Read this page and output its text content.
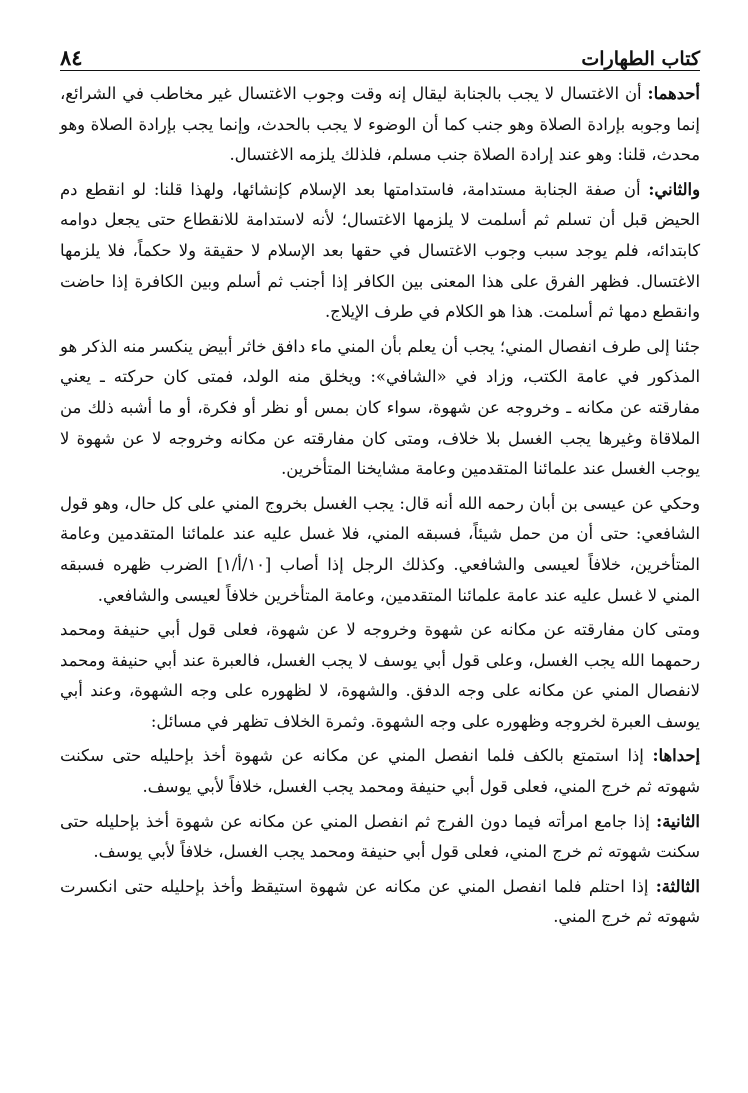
كتاب الطهارات
٨٤

أحدهما: أن الاغتسال لا يجب بالجنابة ليقال إنه وقت وجوب الاغتسال غير مخاطب في الشرائع، إنما وجوبه بإرادة الصلاة وهو جنب كما أن الوضوء لا يجب بالحدث، وإنما يجب بإرادة الصلاة وهو محدث، قلنا: وهو عند إرادة الصلاة جنب مسلم، فلذلك يلزمه الاغتسال.

والثاني: أن صفة الجنابة مستدامة، فاستدامتها بعد الإسلام كإنشائها، ولهذا قلنا: لو انقطع دم الحيض قبل أن تسلم ثم أسلمت لا يلزمها الاغتسال؛ لأنه لاستدامة للانقطاع حتى يجعل دوامه كابتدائه، فلم يوجد سبب وجوب الاغتسال في حقها بعد الإسلام لا حقيقة ولا حكماً، فلا يلزمها الاغتسال. فظهر الفرق على هذا المعنى بين الكافر إذا أجنب ثم أسلم وبين الكافرة إذا حاضت وانقطع دمها ثم أسلمت. هذا هو الكلام في طرف الإيلاج.

جئنا إلى طرف انفصال المني؛ يجب أن يعلم بأن المني ماء دافق خاثر أبيض ينكسر منه الذكر هو المذكور في عامة الكتب، وزاد في «الشافي»: ويخلق منه الولد، فمتى كان حركته ـ يعني مفارقته عن مكانه ـ وخروجه عن شهوة، سواء كان بمس أو نظر أو فكرة، أو ما أشبه ذلك من الملاقاة وغيرها يجب الغسل بلا خلاف، ومتى كان مفارقته عن مكانه وخروجه لا عن شهوة لا يوجب الغسل عند علمائنا المتقدمين وعامة مشايخنا المتأخرين.

وحكي عن عيسى بن أبان رحمه الله أنه قال: يجب الغسل بخروج المني على كل حال، وهو قول الشافعي: حتى أن من حمل شيئاً، فسبقه المني، فلا غسل عليه عند علمائنا المتقدمين وعامة المتأخرين، خلافاً لعيسى والشافعي. وكذلك الرجل إذا أصاب [١٠/أ/١] الضرب ظهره فسبقه المني لا غسل عليه عند عامة علمائنا المتقدمين، وعامة المتأخرين خلافاً لعيسى والشافعي.

ومتى كان مفارقته عن مكانه عن شهوة وخروجه لا عن شهوة، فعلى قول أبي حنيفة ومحمد رحمهما الله يجب الغسل، وعلى قول أبي يوسف لا يجب الغسل، فالعبرة عند أبي حنيفة ومحمد لانفصال المني عن مكانه على وجه الدفق. والشهوة، لا لظهوره على وجه الشهوة، وعند أبي يوسف العبرة لخروجه وظهوره على وجه الشهوة. وثمرة الخلاف تظهر في مسائل:

إحداها: إذا استمتع بالكف فلما انفصل المني عن مكانه عن شهوة أخذ بإحليله حتى سكنت شهوته ثم خرج المني، فعلى قول أبي حنيفة ومحمد يجب الغسل، خلافاً لأبي يوسف.

الثانية: إذا جامع امرأته فيما دون الفرج ثم انفصل المني عن مكانه عن شهوة أخذ بإحليله حتى سكنت شهوته ثم خرج المني، فعلى قول أبي حنيفة ومحمد يجب الغسل، خلافاً لأبي يوسف.

الثالثة: إذا احتلم فلما انفصل المني عن مكانه عن شهوة استيقظ وأخذ بإحليله حتى انكسرت شهوته ثم خرج المني.
